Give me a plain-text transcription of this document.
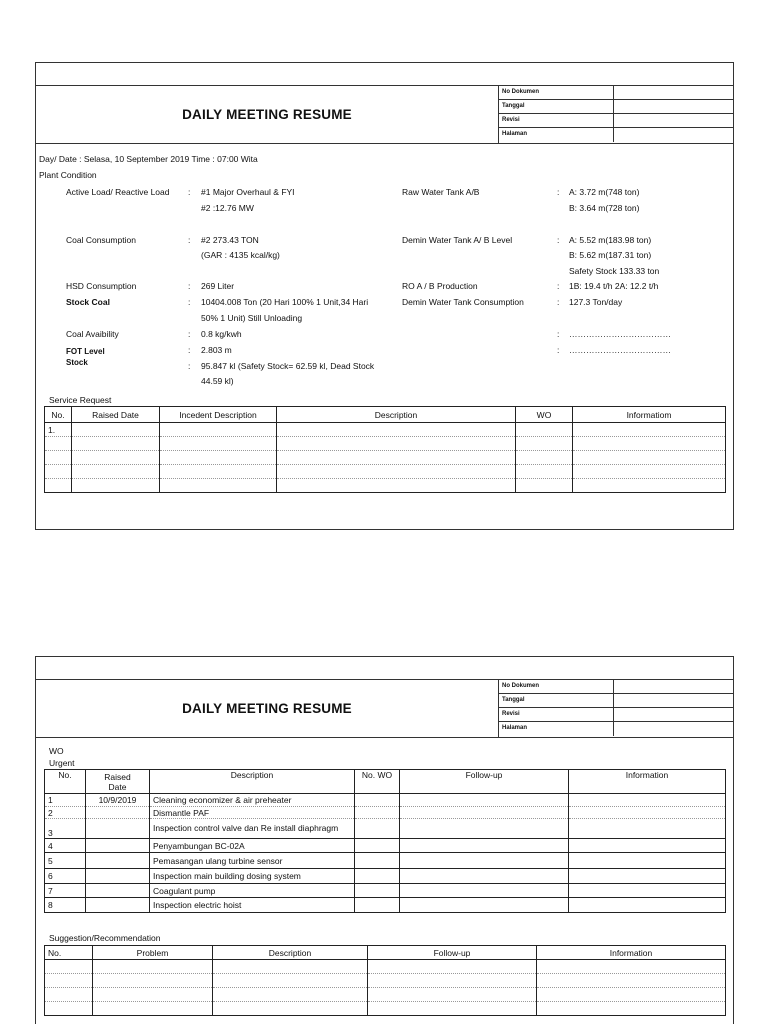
DAILY MEETING RESUME
No Dokumen
Tanggal
Revisi
Halaman
Day/ Date : Selasa, 10 September 2019 Time : 07:00 Wita
Plant Condition
Active Load/ Reactive Load : #1 Major Overhaul & FYI
#2 :12.76 MW
Raw Water Tank A/B	: A: 3.72 m(748 ton)
B: 3.64 m(728 ton)
Coal Consumption	: #2 273.43 TON
(GAR : 4135 kcal/kg)
Demin Water Tank A/ B Level	: A: 5.52 m(183.98 ton)
B: 5.62 m(187.31 ton)
Safety Stock 133.33 ton
HSD Consumption	: 269 Liter	RO A / B Production	: 1B: 19.4 t/h 2A: 12.2 t/h
Stock Coal	: 10404.008 Ton (20 Hari 100% 1 Unit,34 Hari
50% 1 Unit) Still Unloading
Demin Water Tank Consumption	: 127.3 Ton/day
Coal Avaibility	: 0.8 kg/kwh	: ………………………………
FOT Level	: 2.803 m	: ………………………………
Stock	: 95.847 kl (Safety Stock= 62.59 kl, Dead Stock
44.59 kl)
Service Request
No.	Raised Date	Incedent Description	Description	WO	Informatiom
1.					

DAILY MEETING RESUME
No Dokumen
Tanggal
Revisi
Halaman
WO
Urgent
No.	Raised Date	Description	No. WO	Follow-up	Information
1	10/9/2019	Cleaning economizer & air preheater			
2		Dismantle PAF			
3		Inspection control valve dan Re install diaphragm			
4		Penyambungan BC-02A			
5		Pemasangan ulang turbine sensor			
6		Inspection main building dosing system			
7		Coagulant pump			
8		Inspection electric hoist			
Suggestion/Recommendation
No.	Problem	Description	Follow-up	Information
